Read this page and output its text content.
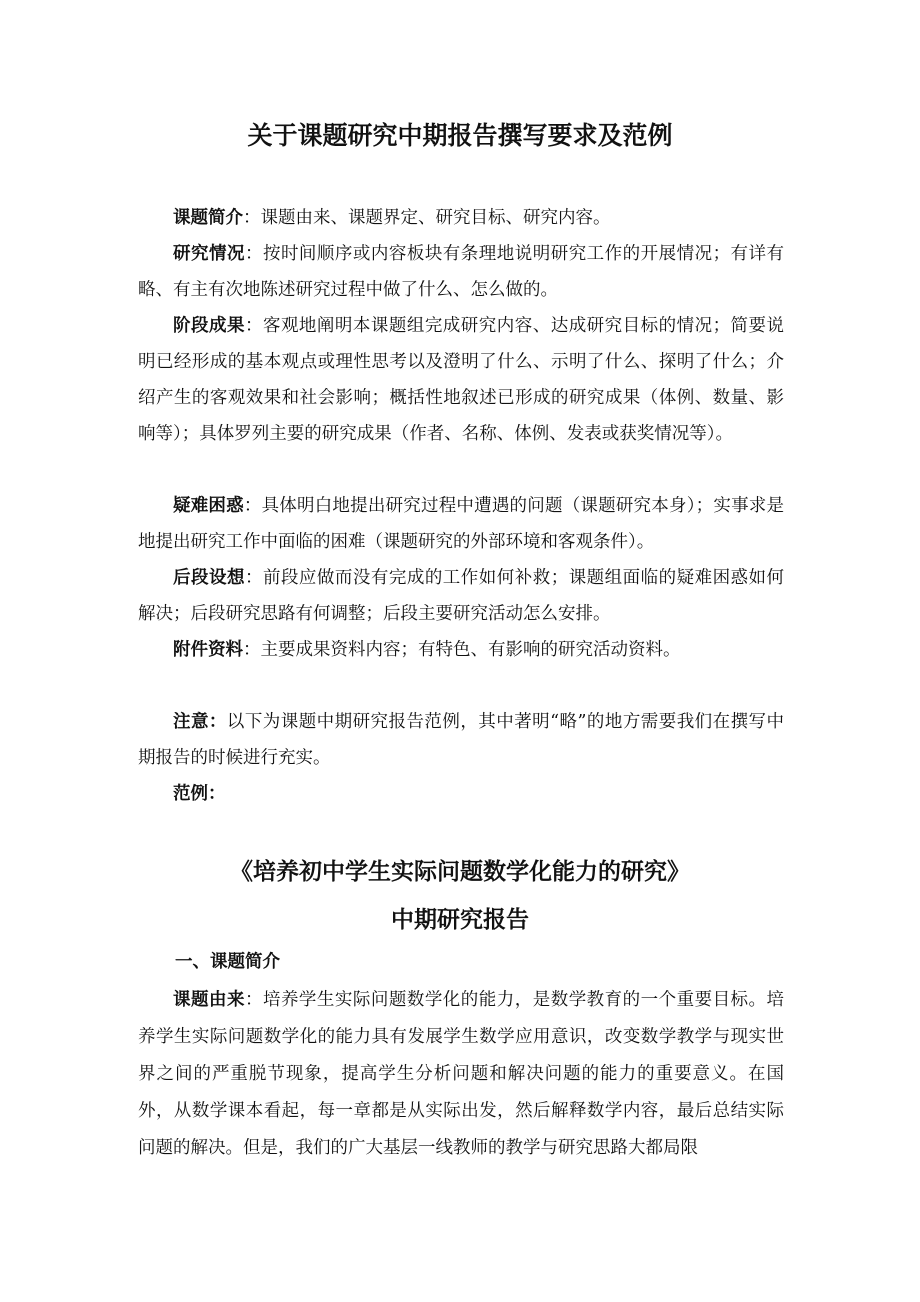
关于课题研究中期报告撰写要求及范例

课题简介：课题由来、课题界定、研究目标、研究内容。

研究情况：按时间顺序或内容板块有条理地说明研究工作的开展情况；有详有略、有主有次地陈述研究过程中做了什么、怎么做的。

阶段成果：客观地阐明本课题组完成研究内容、达成研究目标的情况；简要说明已经形成的基本观点或理性思考以及澄明了什么、示明了什么、探明了什么；介绍产生的客观效果和社会影响；概括性地叙述已形成的研究成果（体例、数量、影响等）；具体罗列主要的研究成果（作者、名称、体例、发表或获奖情况等）。

疑难困惑：具体明白地提出研究过程中遭遇的问题（课题研究本身）；实事求是地提出研究工作中面临的困难（课题研究的外部环境和客观条件）。

后段设想：前段应做而没有完成的工作如何补救；课题组面临的疑难困惑如何解决；后段研究思路有何调整；后段主要研究活动怎么安排。

附件资料：主要成果资料内容；有特色、有影响的研究活动资料。

注意：以下为课题中期研究报告范例，其中著明“略”的地方需要我们在撰写中期报告的时候进行充实。

范例：

《培养初中学生实际问题数学化能力的研究》
中期研究报告
一、课题简介

课题由来：培养学生实际问题数学化的能力，是数学教育的一个重要目标。培养学生实际问题数学化的能力具有发展学生数学应用意识，改变数学教学与现实世界之间的严重脱节现象，提高学生分析问题和解决问题的能力的重要意义。在国外，从数学课本看起，每一章都是从实际出发，然后解释数学内容，最后总结实际问题的解决。但是，我们的广大基层一线教师的教学与研究思路大都局限
